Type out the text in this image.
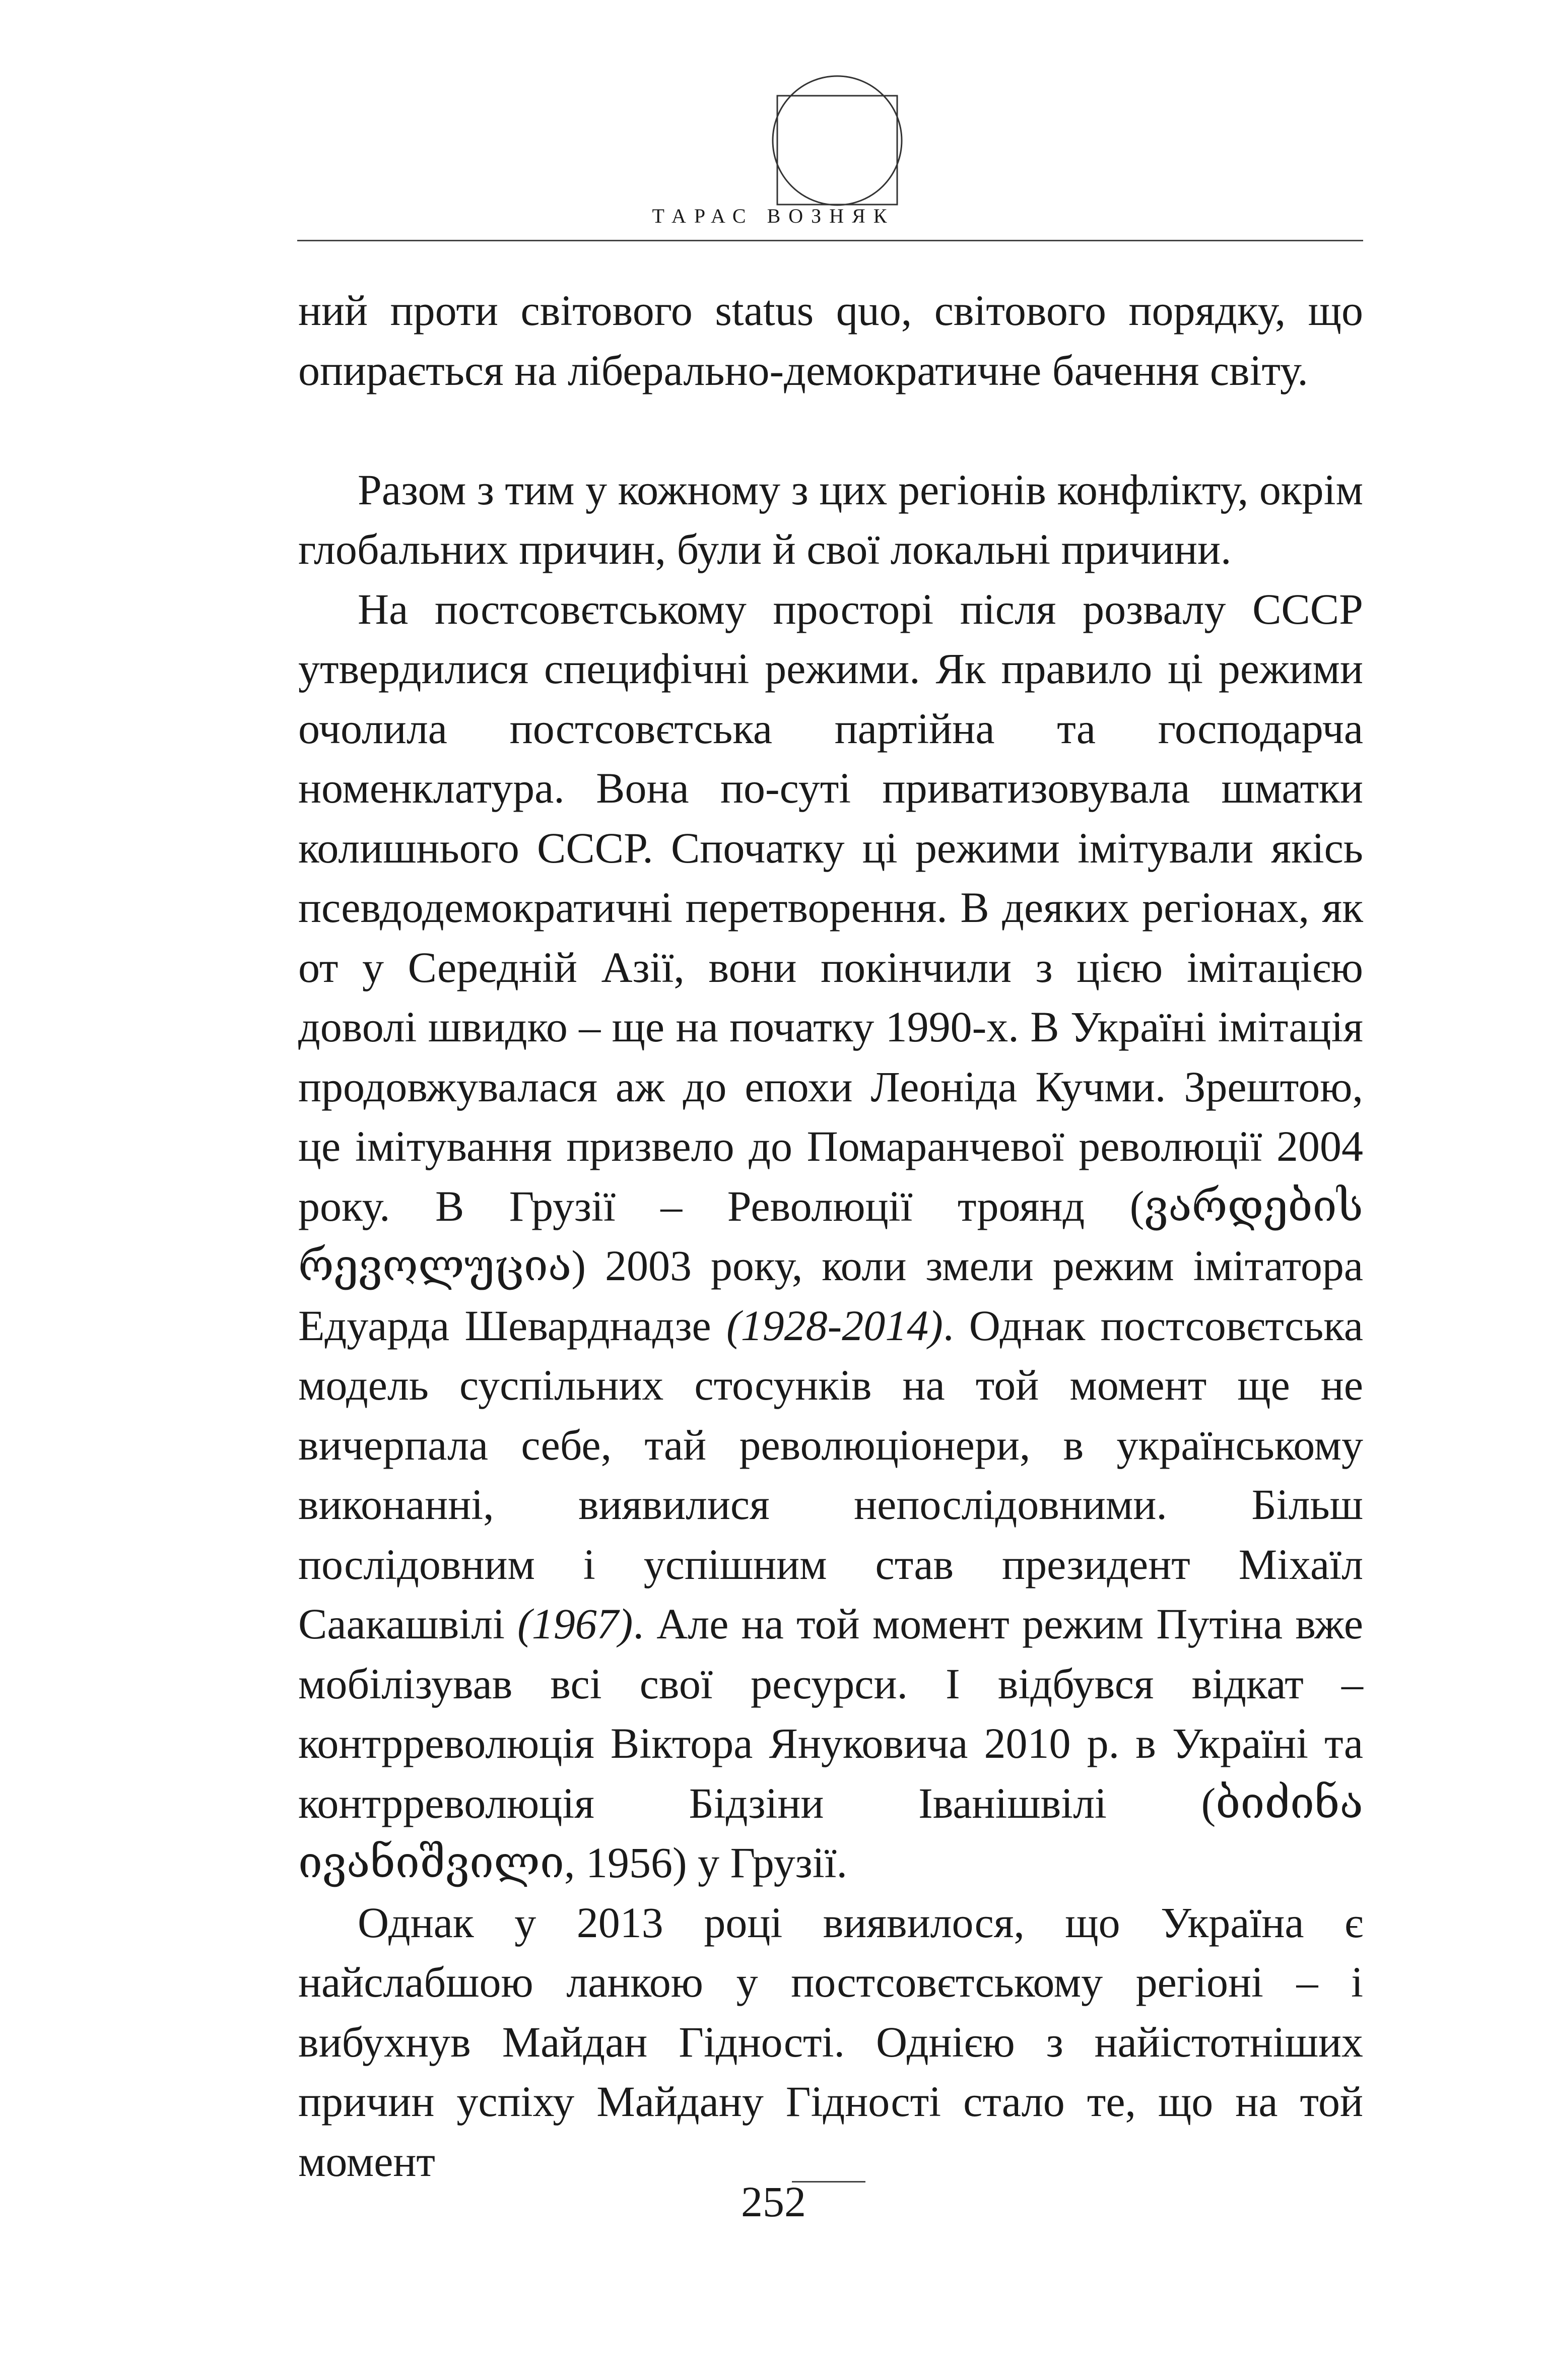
ТАРАС ВОЗНЯК

ний проти світового status quo, світового порядку, що опирається на ліберально-демократичне бачення світу.

Разом з тим у кожному з цих регіонів конфлікту, окрім глобальних причин, були й свої локальні причини.

На постсовєтському просторі після розвалу СССР утвердилися специфічні режими. Як правило ці режими очолила постсовєтська партійна та господарча номенклатура. Вона по-суті приватизовувала шматки колишнього СССР. Спочатку ці режими імітували якісь псевдодемократичні перетворення. В деяких регіонах, як от у Середній Азії, вони покінчили з цією імітацією доволі швидко – ще на початку 1990-х. В Україні імітація продовжувалася аж до епохи Леоніда Кучми. Зрештою, це імітування призвело до Помаранчевої революції 2004 року. В Грузії – Революції троянд (ვარდების რევოლუცია) 2003 року, коли змели режим імітатора Едуарда Шеварднадзе (1928-2014). Однак постсовєтська модель суспільних стосунків на той момент ще не вичерпала себе, тай революціонери, в українському виконанні, виявилися непослідовними. Більш послідовним і успішним став президент Міхаїл Саакашвілі (1967). Але на той момент режим Путіна вже мобілізував всі свої ресурси. І відбувся відкат – контрреволюція Віктора Януковича 2010 р. в Україні та контрреволюція Бідзіни Іванішвілі (ბიძინა ივანიშვილი, 1956) у Грузії.

Однак у 2013 році виявилося, що Україна є найслабшою ланкою у постсовєтському регіоні – і вибухнув Майдан Гідності. Однією з найістотніших причин успіху Майдану Гідності стало те, що на той момент

252
